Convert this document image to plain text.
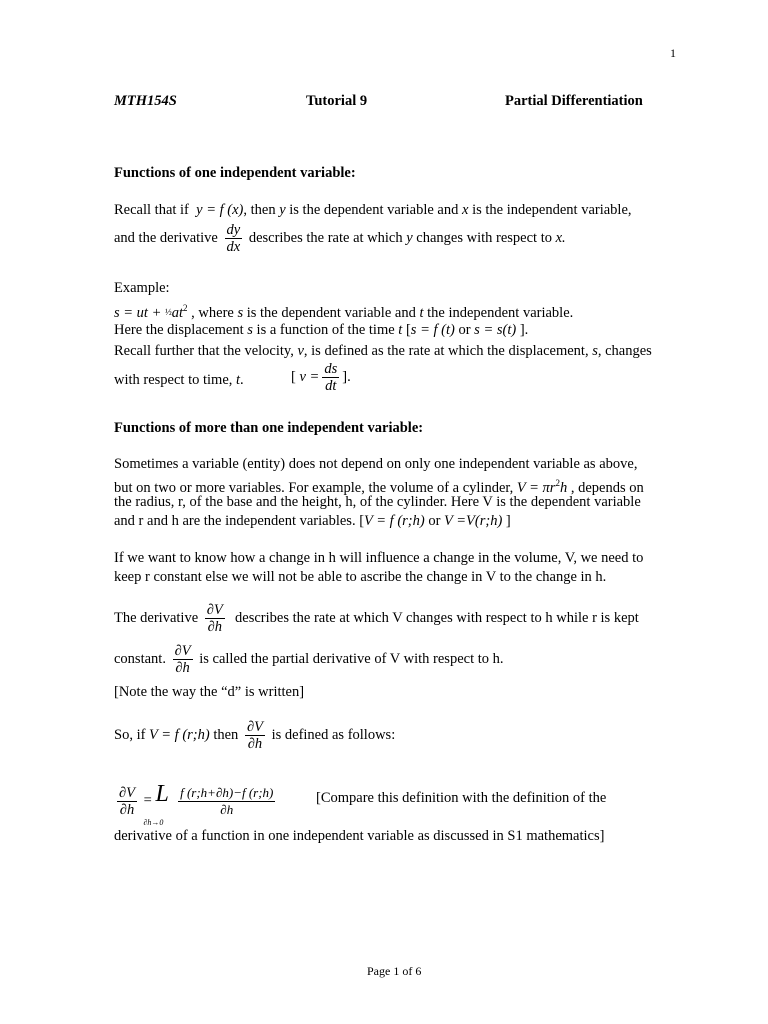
1
MTH154S	Tutorial 9	Partial Differentiation
Functions of one independent variable:
Recall that if y = f (x), then y is the dependent variable and x is the independent variable,
and the derivative $\frac{dy}{dx}$ describes the rate at which y changes with respect to x.
Example:
s = ut + $\frac{1}{2}at^2$ , where s is the dependent variable and t the independent variable.
Here the displacement s is a function of the time t [s = f (t) or s = s(t) ].
Recall further that the velocity, v, is defined as the rate at which the displacement, s, changes
with respect to time, t.	[ $v = \frac{ds}{dt}$ ].
Functions of more than one independent variable:
Sometimes a variable (entity) does not depend on only one independent variable as above,
but on two or more variables. For example, the volume of a cylinder, $V = \pi r^2h$ , depends on
the radius, r, of the base and the height, h, of the cylinder. Here V is the dependent variable
and r and h are the independent variables. [V = f (r;h) or V =V(r;h) ]
If we want to know how a change in h will influence a change in the volume, V, we need to
keep r constant else we will not be able to ascribe the change in V to the change in h.
The derivative $\frac{\partial V}{\partial h}$ describes the rate at which V changes with respect to h while r is kept
constant. $\frac{\partial V}{\partial h}$ is called the partial derivative of V with respect to h.
[Note the way the “d” is written]
So, if V = f (r;h) then $\frac{\partial V}{\partial h}$ is defined as follows:
$\frac{\partial V}{\partial h} = L$
∂h→0

$\frac{f (r;h+\partial h)-f (r;h)}{\partial h}$	[Compare this definition with the definition of the
derivative of a function in one independent variable as discussed in S1 mathematics]
Page 1 of 6
